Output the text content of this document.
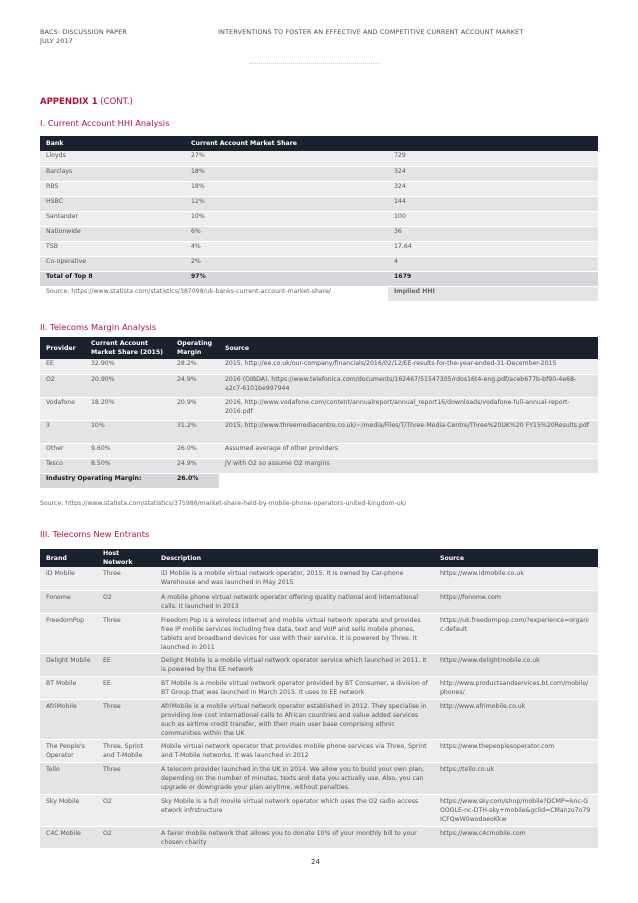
BACS: DISCUSSION PAPER
JULY 2017
INTERVENTIONS TO FOSTER AN EFFECTIVE AND COMPETITIVE CURRENT ACCOUNT MARKET
APPENDIX 1 (CONT.)
I. Current Account HHI Analysis
Bank	Current Account Market Share	
Lloyds	27%	729
Barclays	18%	324
RBS	18%	324
HSBC	12%	144
Santander	10%	100
Nationwide	6%	36
TSB	4%	17.64
Co-operative	2%	4
Total of Top 8	97%	1679
Source: https://www.statista.com/statistics/387098/uk-banks-current-account-market-share/		Implied HHI
II. Telecoms Margin Analysis
Provider	Current Account Market Share (2015)	Operating Margin	Source
EE	32.90%	28.2%	2015, http://ee.co.uk/our-company/financials/2016/02/12/EE-results-for-the-year-ended-31-December-2015
O2	20.90%	24.9%	2016 (OIBDA), https://www.telefonica.com/documents/162467/51547305/rdos16t4-eng.pdf/aceb677b-bf90-4e68-a2c7-6101be997944
Vodafone	18.20%	20.9%	2016, http://www.vodafone.com/content/annualreport/annual_report16/downloads/vodafone-full-annual-report-2016.pdf
3	10%	31.2%	2015, http://www.threemediacentre.co.uk/~/media/Files/T/Three-Media-Centre/Three%20UK%20 FY15%20Results.pdf
Other	9.60%	26.0%	Assumed average of other providers
Tesco	8.50%	24.9%	JV with O2 so assume O2 margins
Industry Operating Margin:		26.0%	
Source: https://www.statista.com/statistics/375986/market-share-held-by-mobile-phone-operators-united-kingdom-uk/
III. Telecoms New Entrants
Brand	Host Network	Description	Source
iD Mobile	Three	iD Mobile is a mobile virtual network operator, 2015. It is owned by Car-phone Warehouse and was launched in May 2015	https://www.idmobile.co.uk
Fonome	O2	A mobile phone virtual network operator offering quality national and international calls. It launched in 2013	https://fonome.com
FreedomPop	Three	Freedom Pop is a wireless internet and mobile virtual network operate and provides free IP mobile services including free data, text and VoIP and sells mobile phones, tablets and broadband devices for use with their service. It is powered by Three. It launched in 2011	https://uk.freedompop.com/?experience=organic.default
Delight Mobile	EE	Delight Mobile is a mobile virtual network operator service which launched in 2011. It is powered by the EE network	https://www.delightmobile.co.uk
BT Mobile	EE	BT Mobile is a mobile virtual network operator provided by BT Consumer, a division of BT Group that was launched in March 2015. It uses to EE network	http://www.productsandservices.bt.com/mobile/phones/
AfriMobile	Three	AfriMobile is a mobile virtual network operator established in 2012. They specialise in providing low cost international calls to African countries and value added services such as airtime credit transfer, with their main user base comprising ethnic communities within the UK	http://www.afrimobile.co.uk
The People's Operator	Three, Sprint and T-Mobile	Mobile virtual network operator that provides mobile phone services via Three, Sprint and T-Mobile networks. It was launched in 2012	https://www.thepeoplesoperator.com
Tello	Three	A telecom provider launched in the UK in 2014. We allow you to build your own plan, depending on the number of minutes, texts and data you actually use. Also, you can upgrade or downgrade your plan anytime, without penalties.	https://tello.co.uk
Sky Mobile	O2	Sky Mobile is a full movile virtual network operator which uses the O2 radio access etwork infrstructure	https://www.sky.com/shop/mobile?DCMP=knc-GOOGLE-nc-DTH-sky+mobile&gclid=CManzo7o79ICFQwW0wodoeoKkw
C4C Mobile	O2	A fairer mobile network that allows you to donate 10% of your monthly bill to your chosen charity	https://www.c4cmobile.com
24
